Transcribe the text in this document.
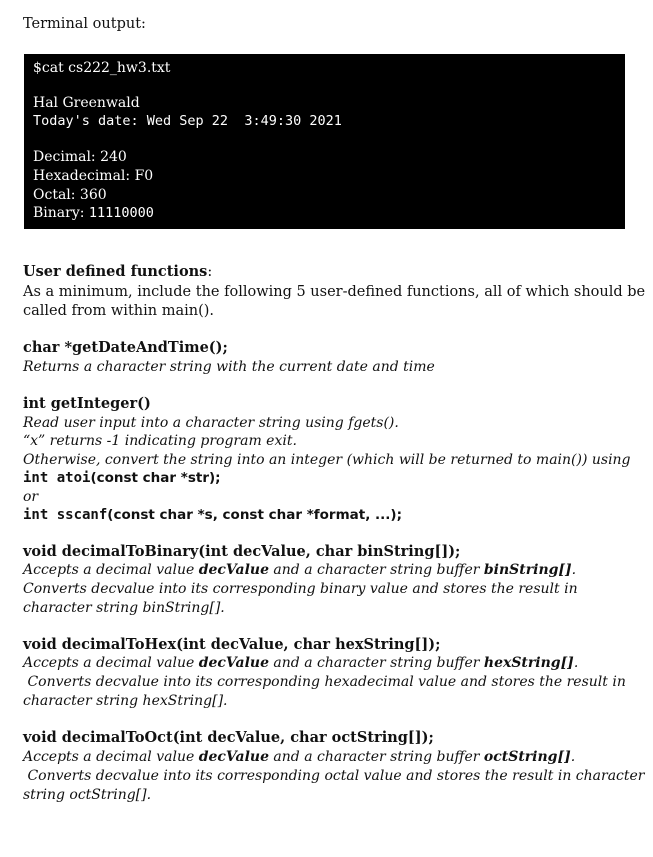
Terminal output:
$cat cs222_hw3.txt
Hal Greenwald
Today's date: Wed Sep 22  3:49:30 2021
Decimal: 240
Hexadecimal: F0
Octal: 360
Binary: 11110000
User defined functions:
As a minimum, include the following 5 user-defined functions, all of which should be
called from within main().
char *getDateAndTime();
Returns a character string with the current date and time
int getInteger()
Read user input into a character string using fgets().
“x” returns -1 indicating program exit.
Otherwise, convert the string into an integer (which will be returned to main()) using
int atoi(const char *str);
or
int sscanf(const char *s, const char *format, ...);
void decimalToBinary(int decValue, char binString[]);
Accepts a decimal value decValue and a character string buffer binString[].
Converts decvalue into its corresponding binary value and stores the result in
character string binString[].
void decimalToHex(int decValue, char hexString[]);
Accepts a decimal value decValue and a character string buffer hexString[].
Converts decvalue into its corresponding hexadecimal value and stores the result in
character string hexString[].
void decimalToOct(int decValue, char octString[]);
Accepts a decimal value decValue and a character string buffer octString[].
Converts decvalue into its corresponding octal value and stores the result in character
string octString[].
